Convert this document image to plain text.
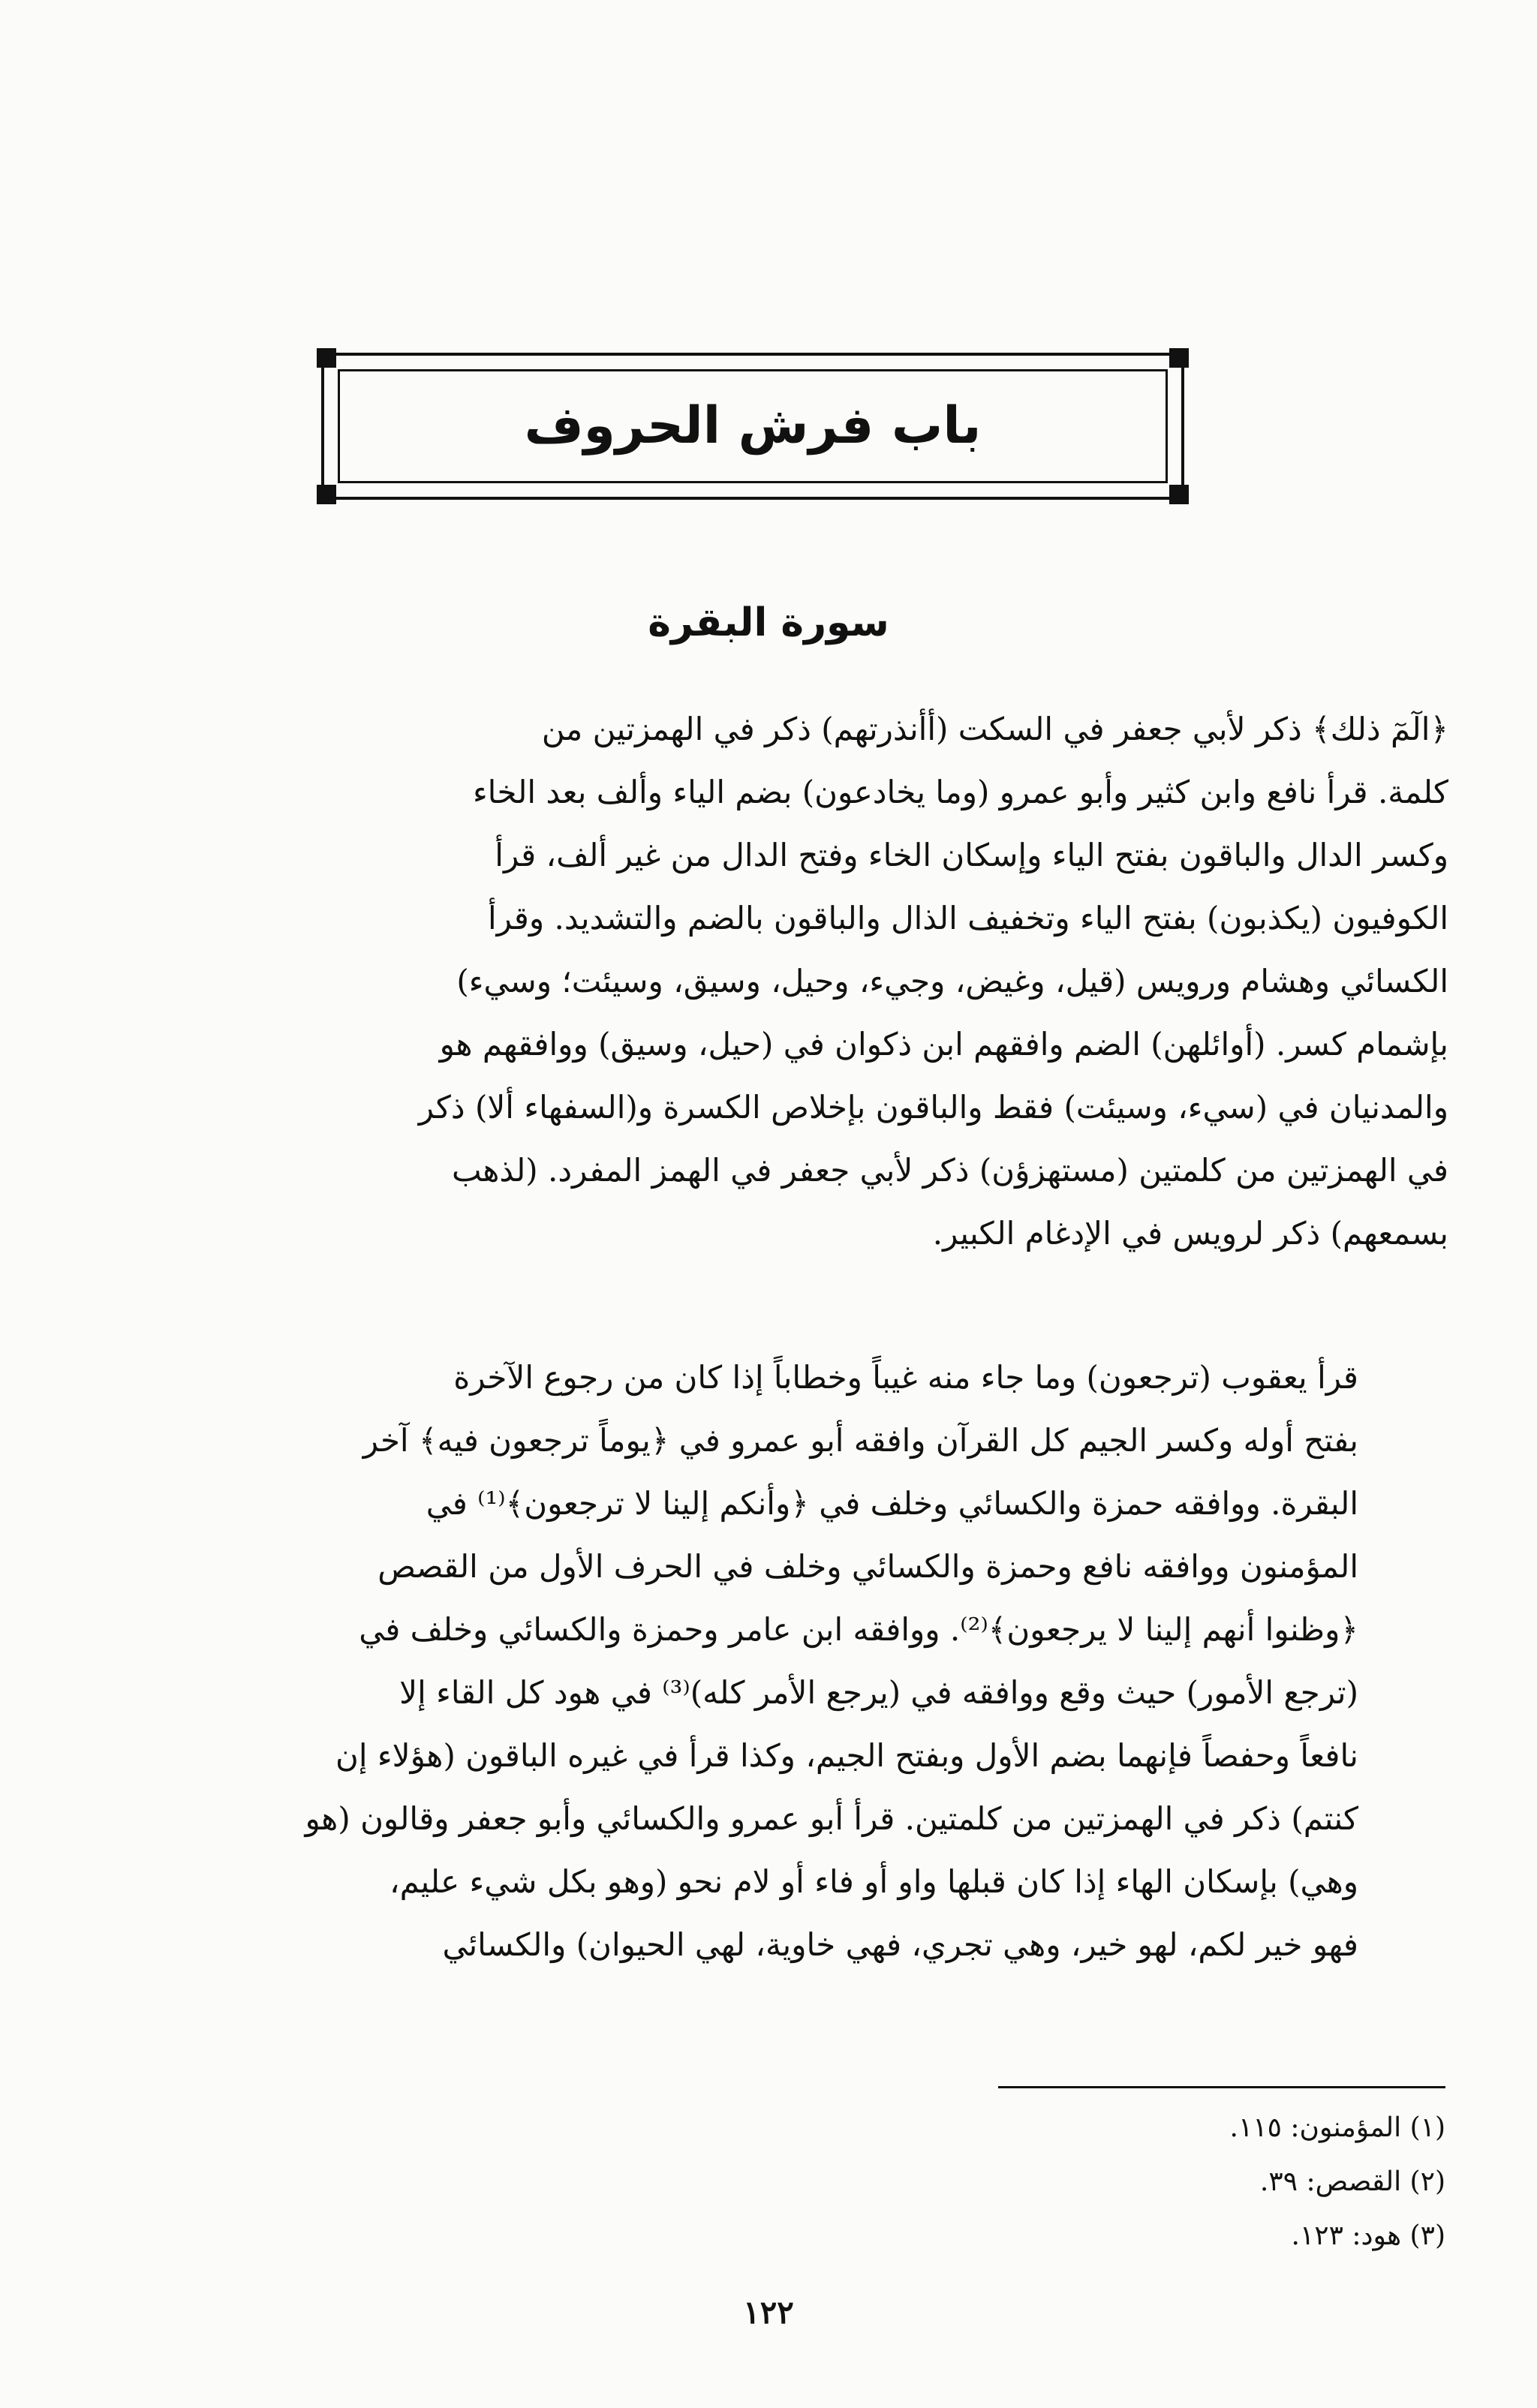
باب فرش الحروف
سورة البقرة
﴿الٓمٓ ذلك﴾ ذكر لأبي جعفر في السكت (أأنذرتهم) ذكر في الهمزتين من
كلمة. قرأ نافع وابن كثير وأبو عمرو (وما يخادعون) بضم الياء وألف بعد الخاء
وكسر الدال والباقون بفتح الياء وإسكان الخاء وفتح الدال من غير ألف، قرأ
الكوفيون (يكذبون) بفتح الياء وتخفيف الذال والباقون بالضم والتشديد. وقرأ
الكسائي وهشام ورويس (قيل، وغيض، وجيء، وحيل، وسيق، وسيئت؛ وسيء)
بإشمام كسر. (أوائلهن) الضم وافقهم ابن ذكوان في (حيل، وسيق) ووافقهم هو
والمدنيان في (سيء، وسيئت) فقط والباقون بإخلاص الكسرة و(السفهاء ألا) ذكر
في الهمزتين من كلمتين (مستهزؤن) ذكر لأبي جعفر في الهمز المفرد. (لذهب
بسمعهم) ذكر لرويس في الإدغام الكبير.
قرأ يعقوب (ترجعون) وما جاء منه غيباً وخطاباً إذا كان من رجوع الآخرة
بفتح أوله وكسر الجيم كل القرآن وافقه أبو عمرو في ﴿يوماً ترجعون فيه﴾ آخر
البقرة. ووافقه حمزة والكسائي وخلف في ﴿وأنكم إلينا لا ترجعون﴾⁽¹⁾ في
المؤمنون ووافقه نافع وحمزة والكسائي وخلف في الحرف الأول من القصص
﴿وظنوا أنهم إلينا لا يرجعون﴾⁽²⁾. ووافقه ابن عامر وحمزة والكسائي وخلف في
(ترجع الأمور) حيث وقع ووافقه في (يرجع الأمر كله)⁽³⁾ في هود كل القاء إلا
نافعاً وحفصاً فإنهما بضم الأول وبفتح الجيم، وكذا قرأ في غيره الباقون (هؤلاء إن
كنتم) ذكر في الهمزتين من كلمتين. قرأ أبو عمرو والكسائي وأبو جعفر وقالون (هو
وهي) بإسكان الهاء إذا كان قبلها واو أو فاء أو لام نحو (وهو بكل شيء عليم،
فهو خير لكم، لهو خير، وهي تجري، فهي خاوية، لهي الحيوان) والكسائي
(١) المؤمنون: ١١٥.
(٢) القصص: ٣٩.
(٣) هود: ١٢٣.
١٢٢
